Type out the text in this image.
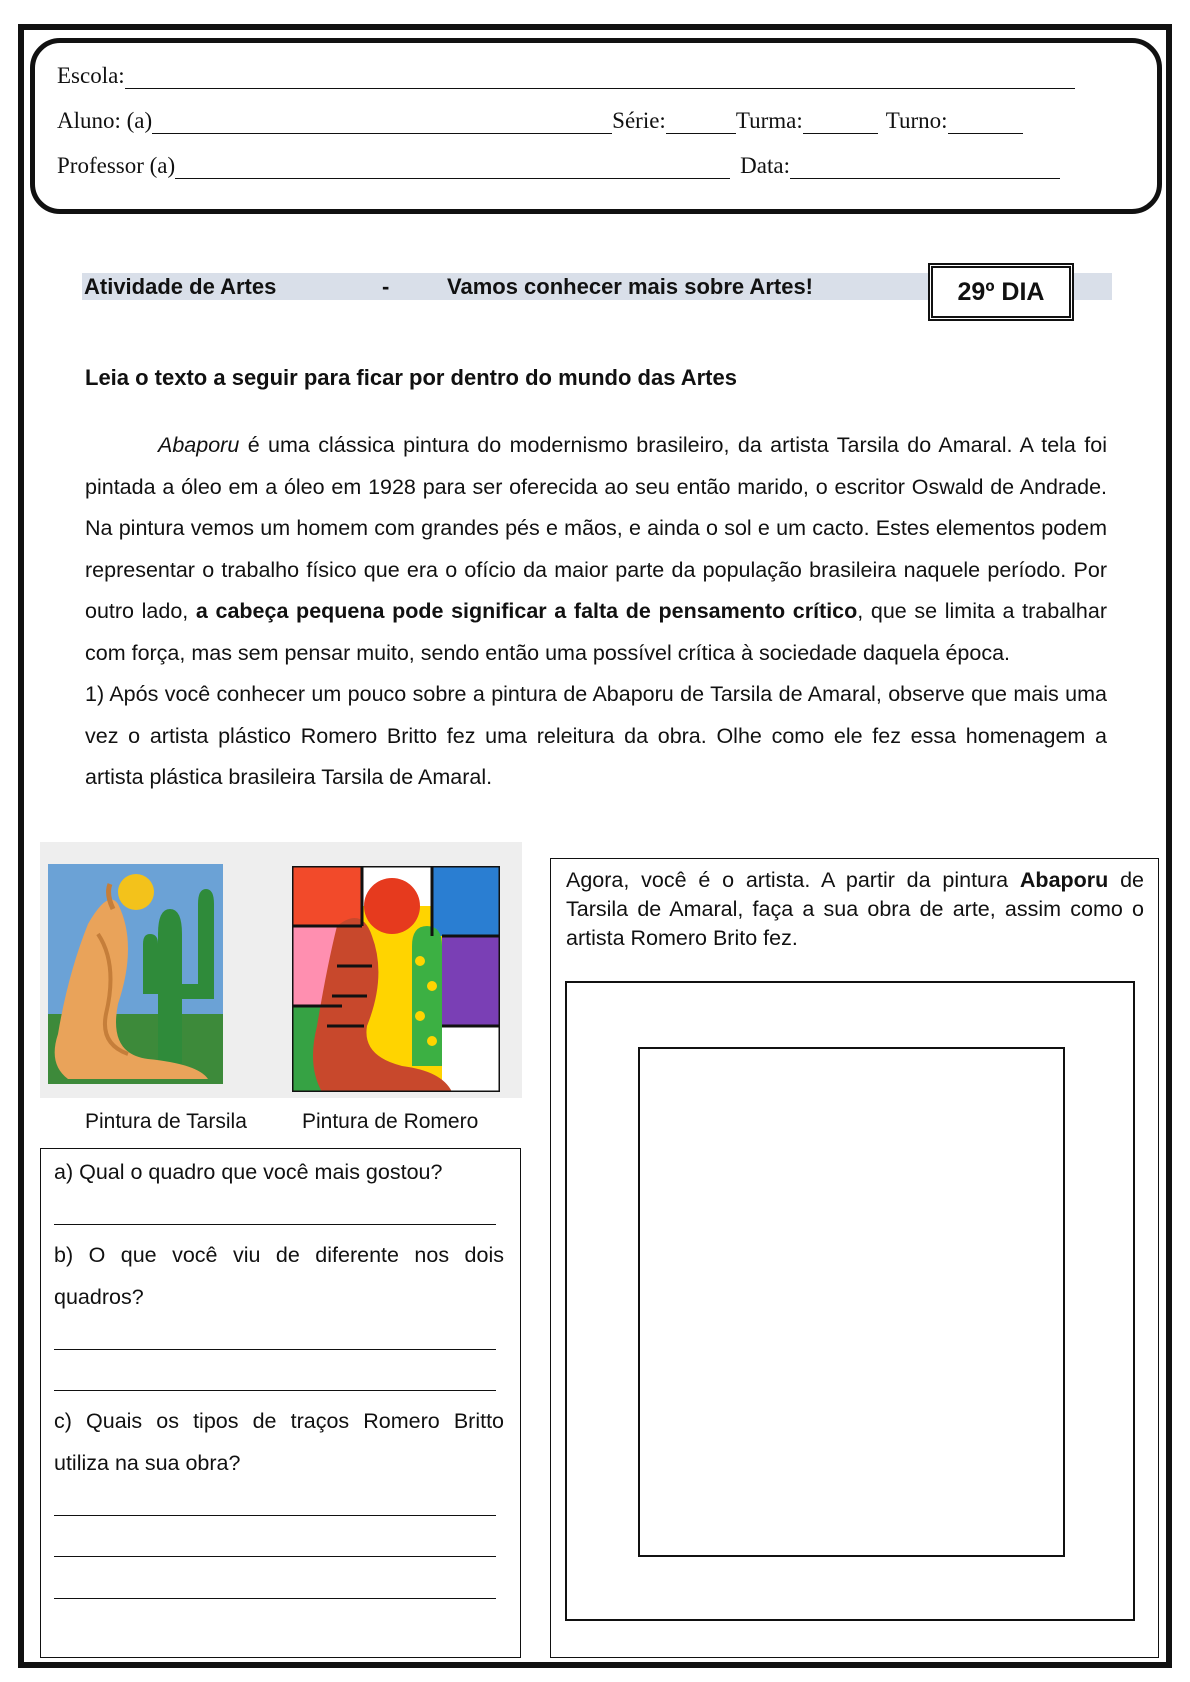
Escola:
Aluno: (a)	Série:	Turma:	Turno:
Professor (a)	Data:
Atividade de Artes	-	Vamos conhecer mais sobre Artes!	29º DIA
Leia o texto a seguir para ficar por dentro do mundo das Artes

Abaporu é uma clássica pintura do modernismo brasileiro, da artista Tarsila do Amaral. A tela foi pintada a óleo em a óleo em 1928 para ser oferecida ao seu então marido, o escritor Oswald de Andrade. Na pintura vemos um homem com grandes pés e mãos, e ainda o sol e um cacto. Estes elementos podem representar o trabalho físico que era o ofício da maior parte da população brasileira naquele período. Por outro lado, a cabeça pequena pode significar a falta de pensamento crítico, que se limita a trabalhar com força, mas sem pensar muito, sendo então uma possível crítica à sociedade daquela época.

1) Após você conhecer um pouco sobre a pintura de Abaporu de Tarsila de Amaral, observe que mais uma vez o artista plástico Romero Britto fez uma releitura da obra. Olhe como ele fez essa homenagem a artista plástica brasileira Tarsila de Amaral.

Pintura de Tarsila	Pintura de Romero

a) Qual o quadro que você mais gostou?

b) O que você viu de diferente nos dois quadros?

c) Quais os tipos de traços Romero Britto utiliza na sua obra?

Agora, você é o artista. A partir da pintura Abaporu de Tarsila de Amaral, faça a sua obra de arte, assim como o artista Romero Brito fez.
